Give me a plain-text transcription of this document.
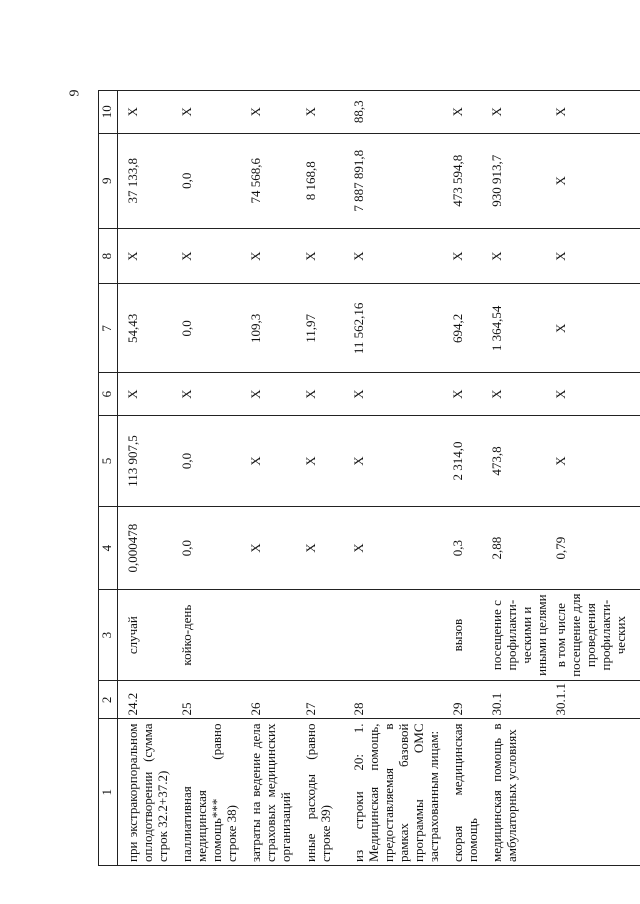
9
1	2	3	4	5	6	7	8	9	10
при экстракорпоральном оплодотворении (сумма строк 32.2+37.2)	24.2	случай	0,000478	113 907,5	Х	54,43	Х	37 133,8	Х
паллиативная медицинская помощь*** (равно строке 38)	25	койко-день	0,0	0,0	Х	0,0	Х	0,0	Х
затраты на ведение дела страховых медицинских организаций	26		Х	Х	Х	109,3	Х	74 568,6	Х
иные расходы (равно строке 39)	27		Х	Х	Х	11,97	Х	8 168,8	Х
из строки 20: 1. Медицинская помощь, предоставляемая в рамках базовой программы ОМС застрахованным лицам:	28		Х	Х	Х	11 562,16	Х	7 887 891,8	88,3
скорая медицинская помощь	29	вызов	0,3	2 314,0	Х	694,2	Х	473 594,8	Х
медицинская помощь в амбулаторных условиях	30.1	посещение с профилакти-ческими и иными целями	2,88	473,8	Х	1 364,54	Х	930 913,7	Х
	30.1.1	в том числе посещение для проведения профилакти-ческих	0,79	Х	Х	Х	Х	Х	Х
